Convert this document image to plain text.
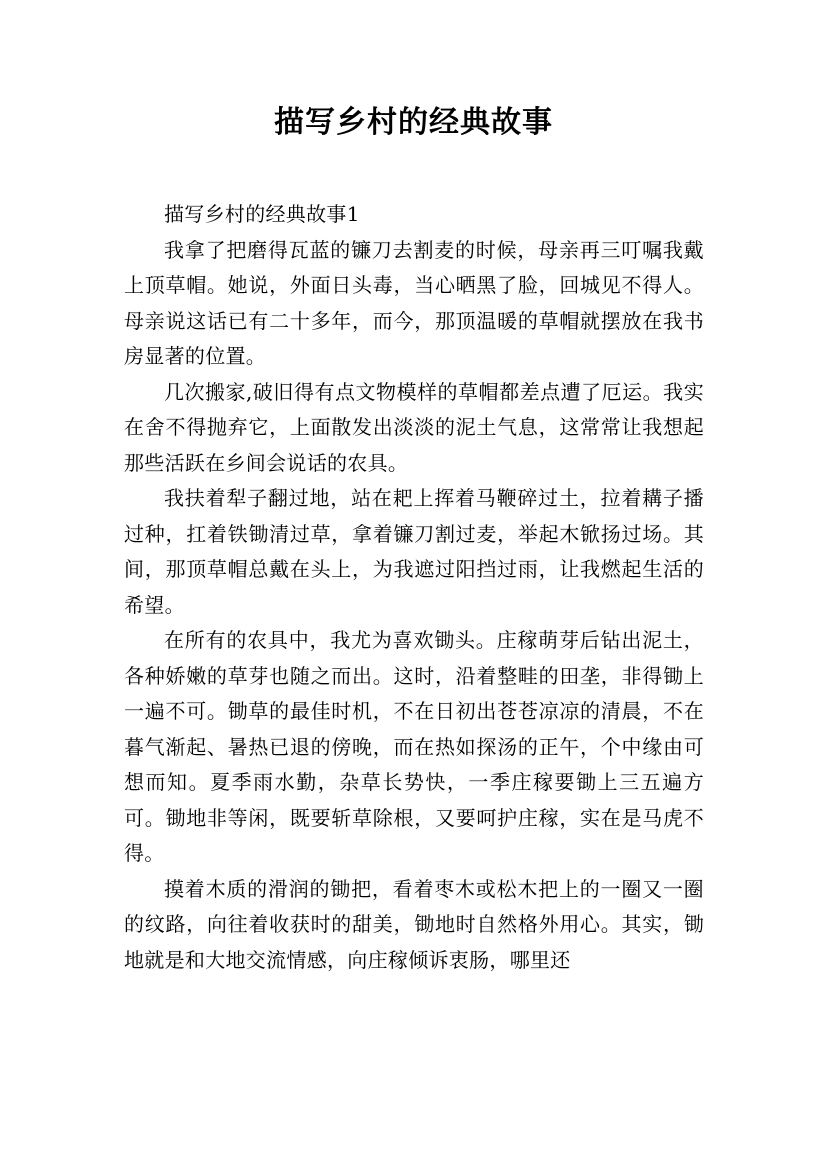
描写乡村的经典故事

描写乡村的经典故事1

我拿了把磨得瓦蓝的镰刀去割麦的时候，母亲再三叮嘱我戴上顶草帽。她说，外面日头毒，当心晒黑了脸，回城见不得人。母亲说这话已有二十多年，而今，那顶温暖的草帽就摆放在我书房显著的位置。

几次搬家,破旧得有点文物模样的草帽都差点遭了厄运。我实在舍不得抛弃它，上面散发出淡淡的泥土气息，这常常让我想起那些活跃在乡间会说话的农具。

我扶着犁子翻过地，站在耙上挥着马鞭碎过土，拉着耩子播过种，扛着铁锄清过草，拿着镰刀割过麦，举起木锨扬过场。其间，那顶草帽总戴在头上，为我遮过阳挡过雨，让我燃起生活的希望。

在所有的农具中，我尤为喜欢锄头。庄稼萌芽后钻出泥土，各种娇嫩的草芽也随之而出。这时，沿着整畦的田垄，非得锄上一遍不可。锄草的最佳时机，不在日初出苍苍凉凉的清晨，不在暮气渐起、暑热已退的傍晚，而在热如探汤的正午，个中缘由可想而知。夏季雨水勤，杂草长势快，一季庄稼要锄上三五遍方可。锄地非等闲，既要斩草除根，又要呵护庄稼，实在是马虎不得。

摸着木质的滑润的锄把，看着枣木或松木把上的一圈又一圈的纹路，向往着收获时的甜美，锄地时自然格外用心。其实，锄地就是和大地交流情感，向庄稼倾诉衷肠，哪里还
